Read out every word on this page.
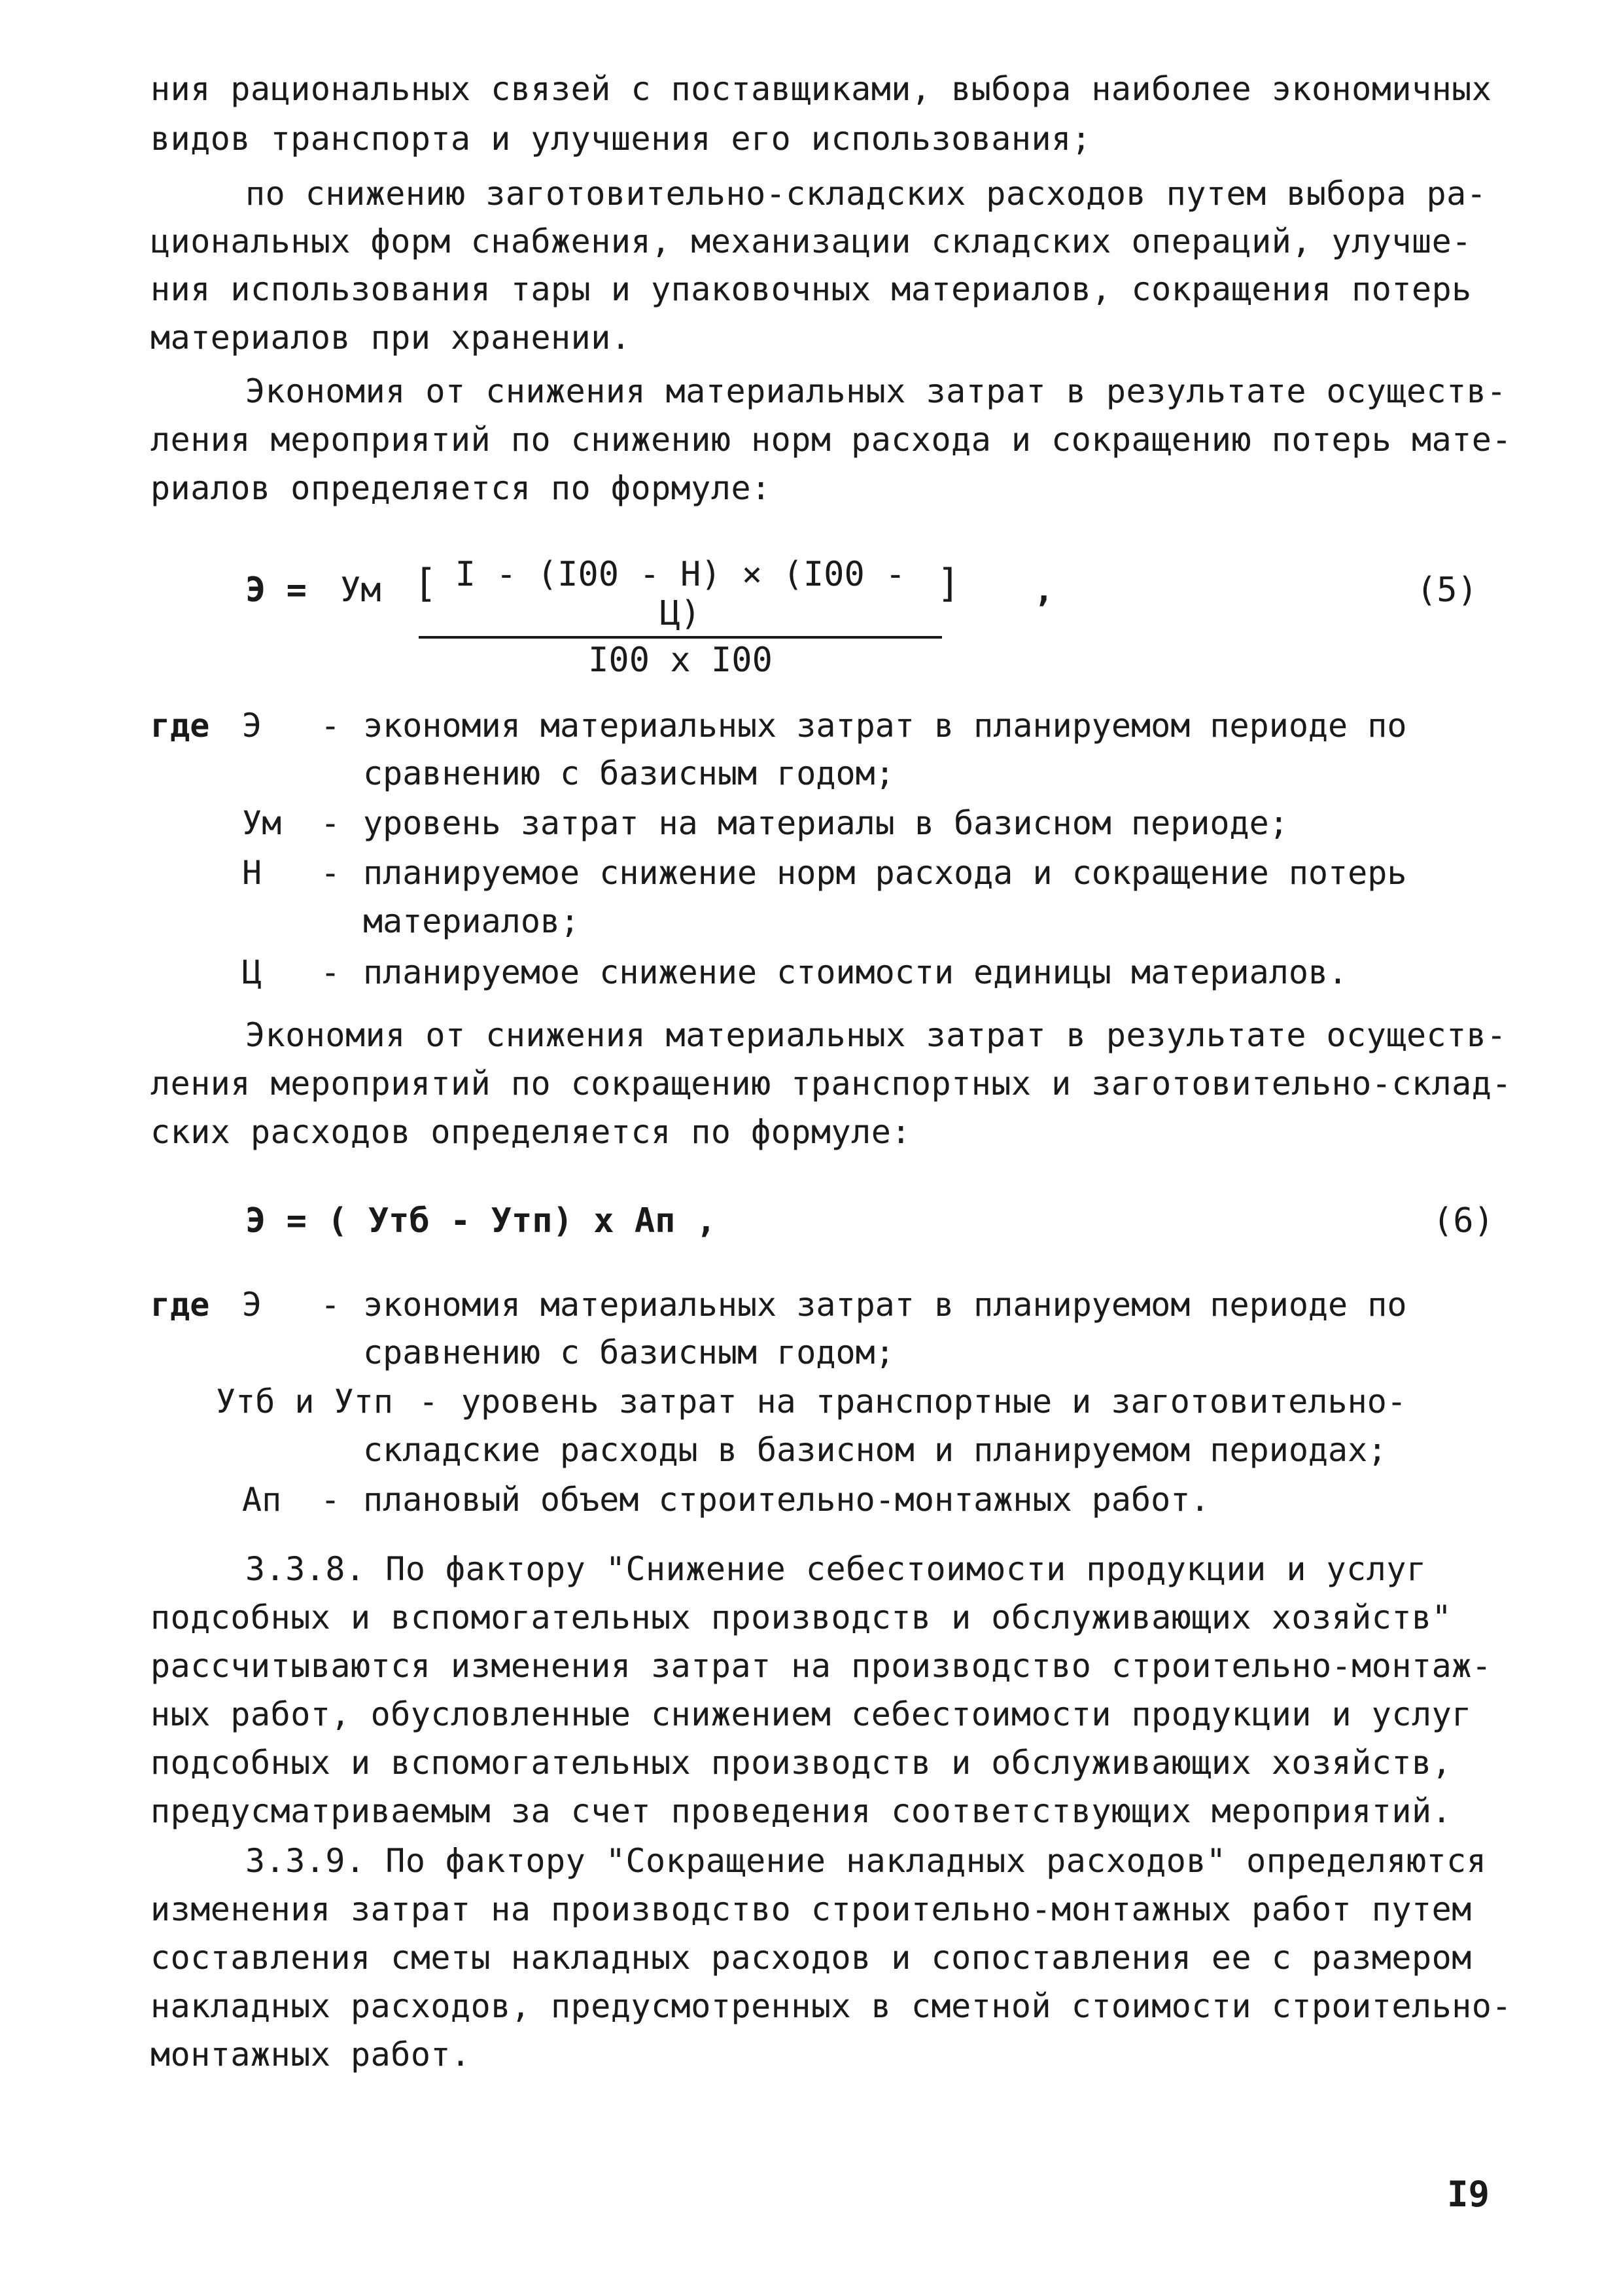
ния рациональных связей с поставщиками, выбора наиболее экономичных
видов транспорта и улучшения его использования;
по снижению заготовительно-складских расходов путем выбора ра-
циональных форм снабжения, механизации складских операций, улучше-
ния использования тары и упаковочных материалов, сокращения потерь
материалов при хранении.
Экономия от снижения материальных затрат в результате осуществ-
ления мероприятий по снижению норм расхода и сокращению потерь мате-
риалов определяется по формуле:
Э = Ум [ I - (I00 - Н) × (I00 - Ц)
I00 x I00
] ,	(5)
где Э - экономия материальных затрат в планируемом периоде по
сравнению с базисным годом;
Ум - уровень затрат на материалы в базисном периоде;
Н - планируемое снижение норм расхода и сокращение потерь
материалов;
Ц - планируемое снижение стоимости единицы материалов.
Экономия от снижения материальных затрат в результате осуществ-
ления мероприятий по сокращению транспортных и заготовительно-склад-
ских расходов определяется по формуле:
Э = ( Утб - Утп) х Ап ,	(6)
где Э - экономия материальных затрат в планируемом периоде по
сравнению с базисным годом;
Утб и Утп - уровень затрат на транспортные и заготовительно-
складские расходы в базисном и планируемом периодах;
Ап - плановый объем строительно-монтажных работ.
3.3.8. По фактору "Снижение себестоимости продукции и услуг
подсобных и вспомогательных производств и обслуживающих хозяйств"
рассчитываются изменения затрат на производство строительно-монтаж-
ных работ, обусловленные снижением себестоимости продукции и услуг
подсобных и вспомогательных производств и обслуживающих хозяйств,
предусматриваемым за счет проведения соответствующих мероприятий.
3.3.9. По фактору "Сокращение накладных расходов" определяются
изменения затрат на производство строительно-монтажных работ путем
составления сметы накладных расходов и сопоставления ее с размером
накладных расходов, предусмотренных в сметной стоимости строительно-
монтажных работ.
I9
